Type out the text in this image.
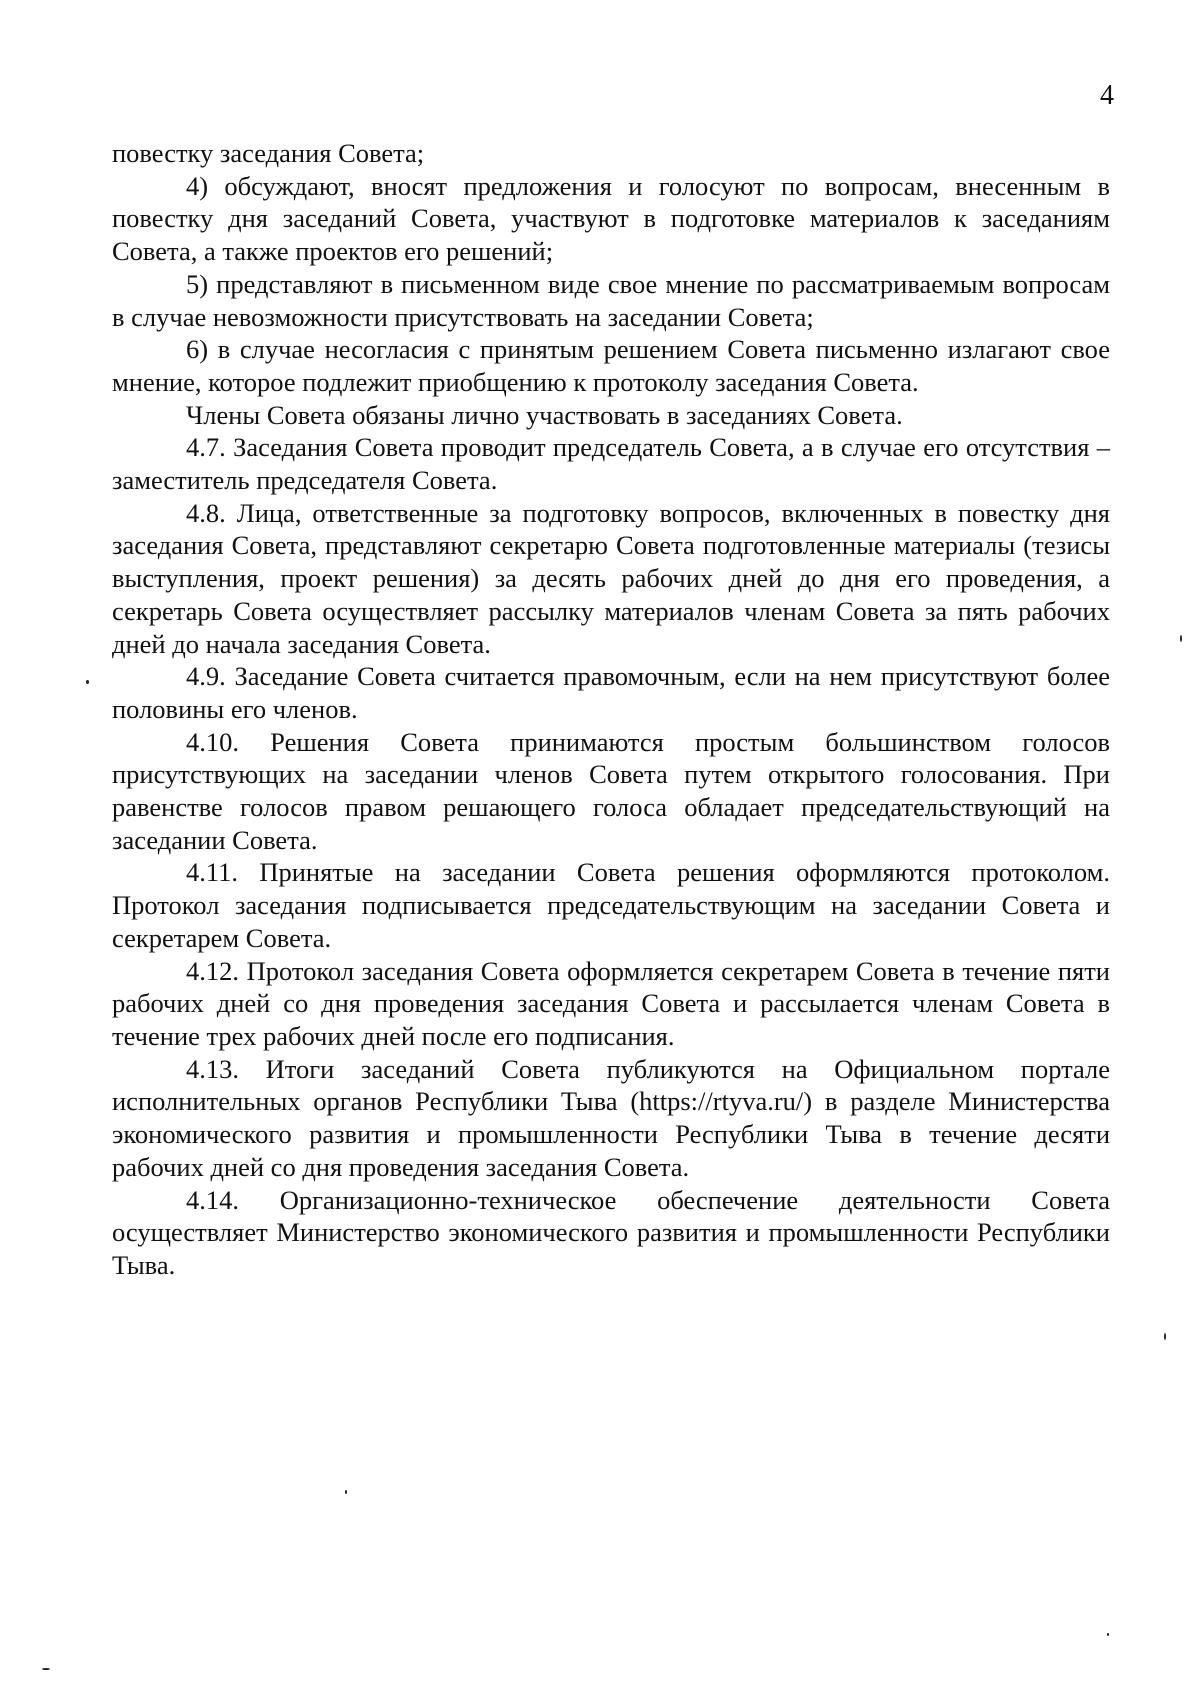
4

повестку заседания Совета;

4) обсуждают, вносят предложения и голосуют по вопросам, внесенным в повестку дня заседаний Совета, участвуют в подготовке материалов к заседаниям Совета, а также проектов его решений;

5) представляют в письменном виде свое мнение по рассматриваемым вопросам в случае невозможности присутствовать на заседании Совета;

6) в случае несогласия с принятым решением Совета письменно излагают свое мнение, которое подлежит приобщению к протоколу заседания Совета.

Члены Совета обязаны лично участвовать в заседаниях Совета.

4.7. Заседания Совета проводит председатель Совета, а в случае его отсутствия – заместитель председателя Совета.

4.8. Лица, ответственные за подготовку вопросов, включенных в повестку дня заседания Совета, представляют секретарю Совета подготовленные материалы (тезисы выступления, проект решения) за десять рабочих дней до дня его проведения, а секретарь Совета осуществляет рассылку материалов членам Совета за пять рабочих дней до начала заседания Совета.

4.9. Заседание Совета считается правомочным, если на нем присутствуют более половины его членов.

4.10. Решения Совета принимаются простым большинством голосов присутствующих на заседании членов Совета путем открытого голосования. При равенстве голосов правом решающего голоса обладает председательствующий на заседании Совета.

4.11. Принятые на заседании Совета решения оформляются протоколом. Протокол заседания подписывается председательствующим на заседании Совета и секретарем Совета.

4.12. Протокол заседания Совета оформляется секретарем Совета в течение пяти рабочих дней со дня проведения заседания Совета и рассылается членам Совета в течение трех рабочих дней после его подписания.

4.13. Итоги заседаний Совета публикуются на Официальном портале исполнительных органов Республики Тыва (https://rtyva.ru/) в разделе Министерства экономического развития и промышленности Республики Тыва в течение десяти рабочих дней со дня проведения заседания Совета.

4.14. Организационно-техническое обеспечение деятельности Совета осуществляет Министерство экономического развития и промышленности Республики Тыва.
